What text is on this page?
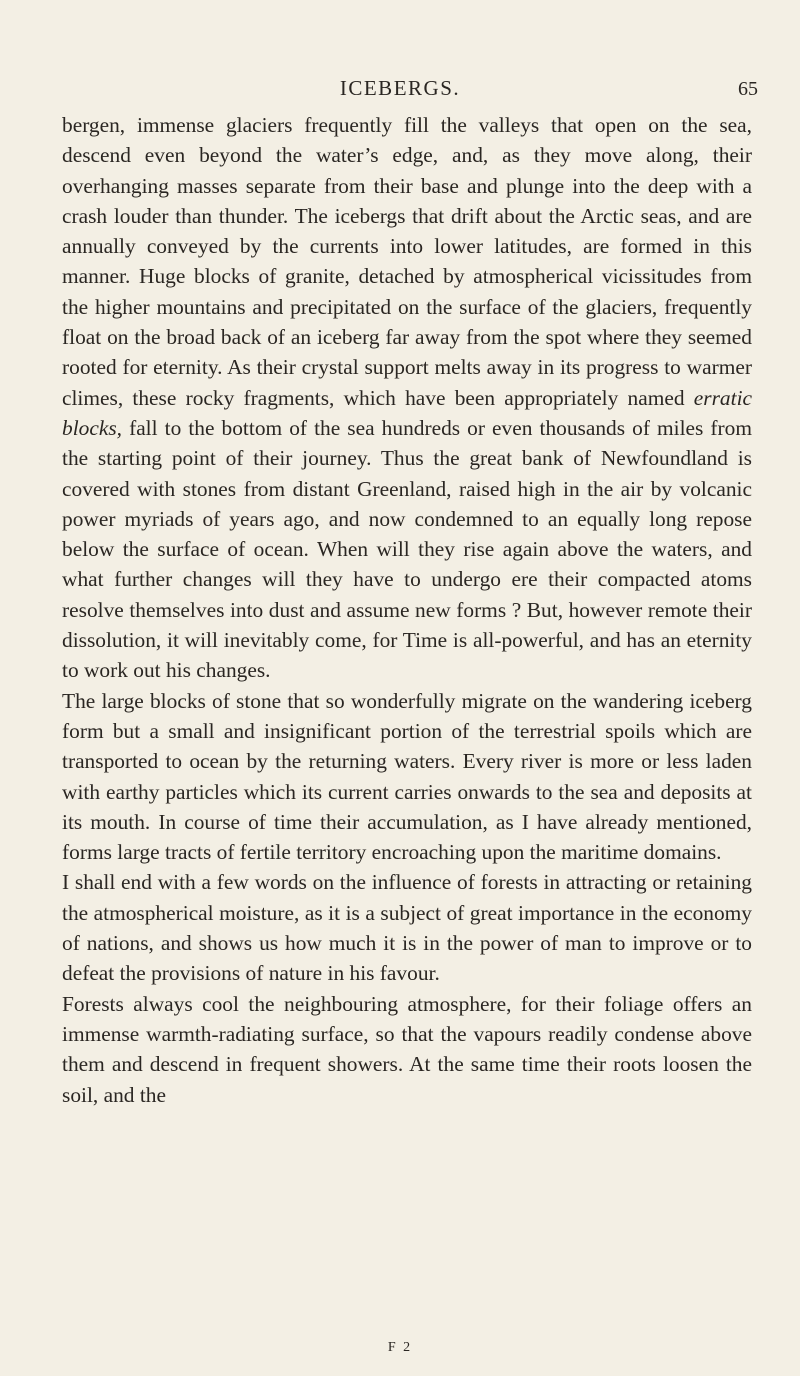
ICEBERGS.	65

bergen, immense glaciers frequently fill the valleys that open on the sea, descend even beyond the water’s edge, and, as they move along, their overhanging masses separate from their base and plunge into the deep with a crash louder than thunder. The icebergs that drift about the Arctic seas, and are annually conveyed by the currents into lower latitudes, are formed in this manner. Huge blocks of granite, detached by atmospherical vicissitudes from the higher mountains and precipitated on the surface of the glaciers, frequently float on the broad back of an iceberg far away from the spot where they seemed rooted for eternity. As their crystal support melts away in its progress to warmer climes, these rocky fragments, which have been appropriately named erratic blocks, fall to the bottom of the sea hundreds or even thousands of miles from the starting point of their journey. Thus the great bank of Newfoundland is covered with stones from distant Greenland, raised high in the air by volcanic power myriads of years ago, and now condemned to an equally long repose below the surface of ocean. When will they rise again above the waters, and what further changes will they have to undergo ere their compacted atoms resolve themselves into dust and assume new forms ? But, however remote their dissolution, it will inevitably come, for Time is all-powerful, and has an eternity to work out his changes.

The large blocks of stone that so wonderfully migrate on the wandering iceberg form but a small and insignificant portion of the terrestrial spoils which are transported to ocean by the returning waters. Every river is more or less laden with earthy particles which its current carries onwards to the sea and deposits at its mouth. In course of time their accumulation, as I have already mentioned, forms large tracts of fertile territory encroaching upon the maritime domains.

I shall end with a few words on the influence of forests in attracting or retaining the atmospherical moisture, as it is a subject of great importance in the economy of nations, and shows us how much it is in the power of man to improve or to defeat the provisions of nature in his favour.

Forests always cool the neighbouring atmosphere, for their foliage offers an immense warmth-radiating surface, so that the vapours readily condense above them and descend in frequent showers. At the same time their roots loosen the soil, and the

F 2
